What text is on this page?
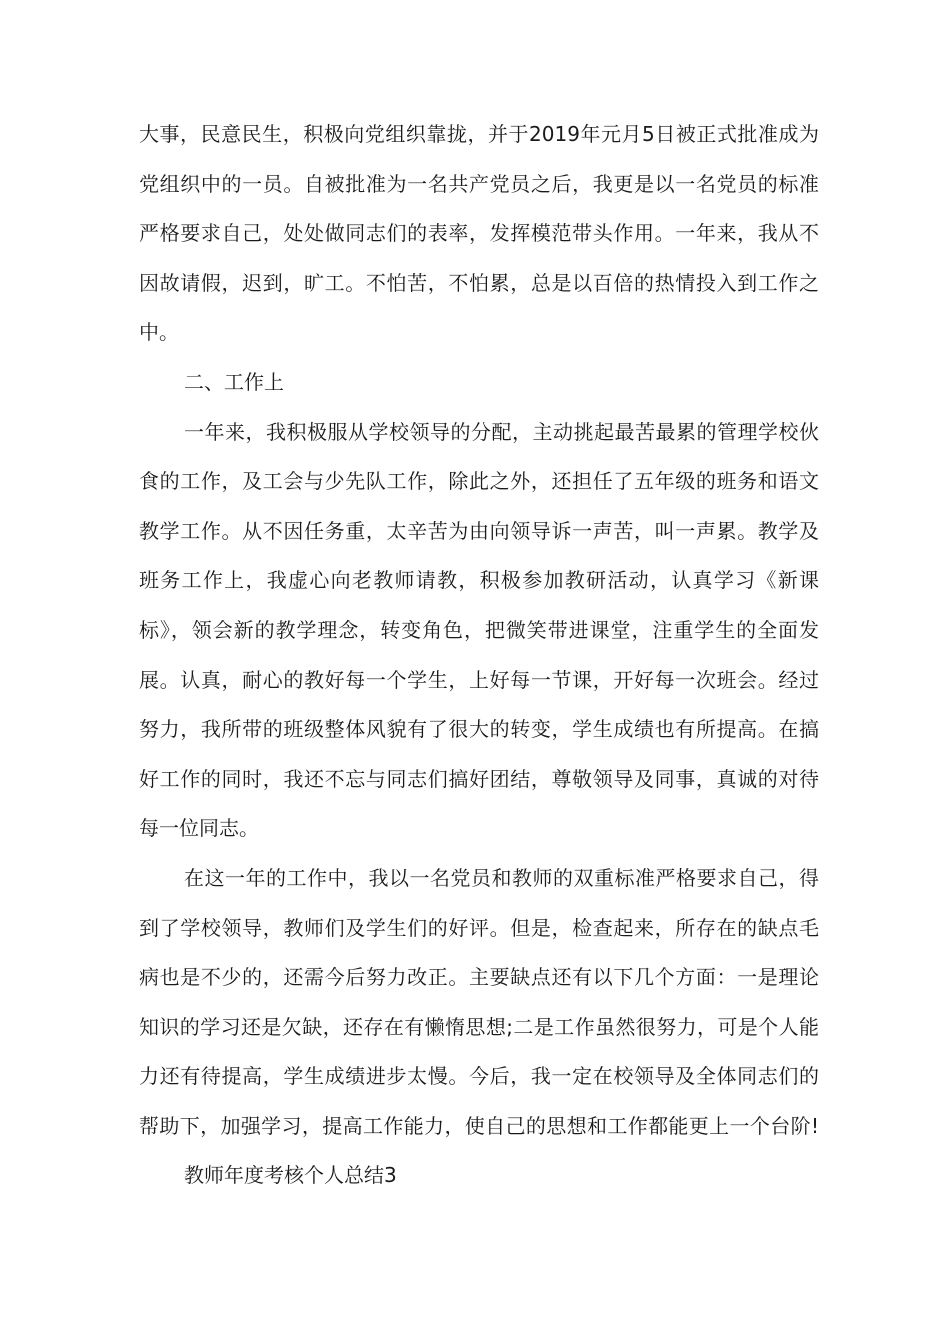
大事，民意民生，积极向党组织靠拢，并于2019年元月5日被正式批准成为
党组织中的一员。自被批准为一名共产党员之后，我更是以一名党员的标准
严格要求自己，处处做同志们的表率，发挥模范带头作用。一年来，我从不
因故请假，迟到，旷工。不怕苦，不怕累，总是以百倍的热情投入到工作之
中。
二、工作上
一年来，我积极服从学校领导的分配，主动挑起最苦最累的管理学校伙
食的工作，及工会与少先队工作，除此之外，还担任了五年级的班务和语文
教学工作。从不因任务重，太辛苦为由向领导诉一声苦，叫一声累。教学及
班务工作上，我虚心向老教师请教，积极参加教研活动，认真学习《新课
标》，领会新的教学理念，转变角色，把微笑带进课堂，注重学生的全面发
展。认真，耐心的教好每一个学生，上好每一节课，开好每一次班会。经过
努力，我所带的班级整体风貌有了很大的转变，学生成绩也有所提高。在搞
好工作的同时，我还不忘与同志们搞好团结，尊敬领导及同事，真诚的对待
每一位同志。
在这一年的工作中，我以一名党员和教师的双重标准严格要求自己，得
到了学校领导，教师们及学生们的好评。但是，检查起来，所存在的缺点毛
病也是不少的，还需今后努力改正。主要缺点还有以下几个方面：一是理论
知识的学习还是欠缺，还存在有懒惰思想;二是工作虽然很努力，可是个人能
力还有待提高，学生成绩进步太慢。今后，我一定在校领导及全体同志们的
帮助下，加强学习，提高工作能力，使自己的思想和工作都能更上一个台阶!
教师年度考核个人总结3
